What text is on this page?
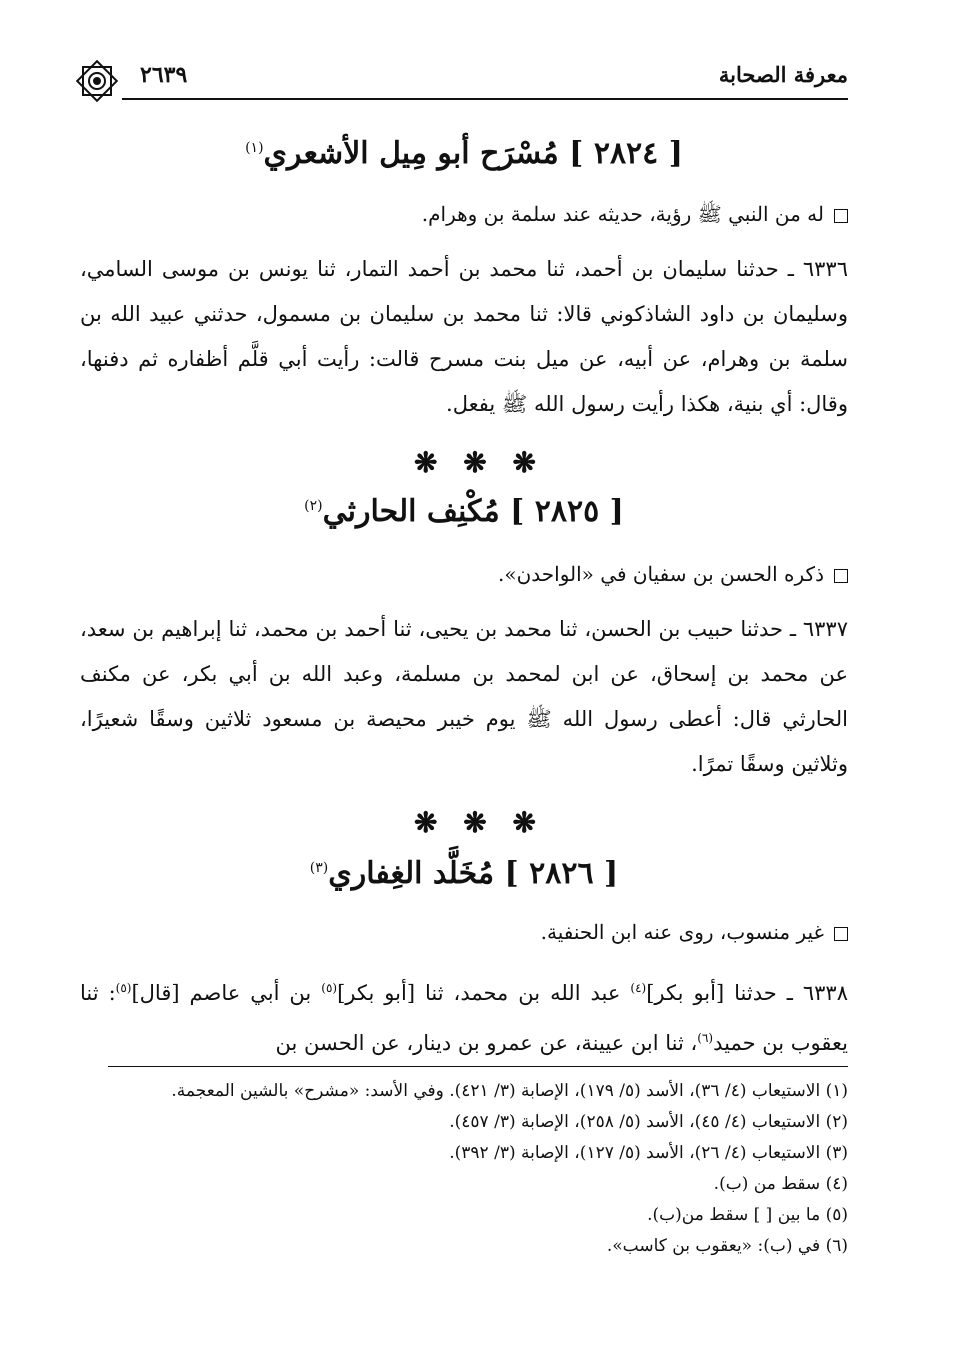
معرفة الصحابة
٢٦٣٩
[ ٢٨٢٤ ] مُسْرَح أبو مِيل الأشعري$^{(١)}$
له من النبي ﷺ رؤية، حديثه عند سلمة بن وهرام.
٦٣٣٦ ـ حدثنا سليمان بن أحمد، ثنا محمد بن أحمد التمار، ثنا يونس بن موسى السامي، وسليمان بن داود الشاذكوني قالا: ثنا محمد بن سليمان بن مسمول، حدثني عبيد الله بن سلمة بن وهرام، عن أبيه، عن ميل بنت مسرح قالت: رأيت أبي قلَّم أظفاره ثم دفنها، وقال: أي بنية، هكذا رأيت رسول الله ﷺ يفعل.
❋ ❋ ❋
[ ٢٨٢٥ ] مُكْنِف الحارثي$^{(٢)}$
ذكره الحسن بن سفيان في «الواحدن».
٦٣٣٧ ـ حدثنا حبيب بن الحسن، ثنا محمد بن يحيى، ثنا أحمد بن محمد، ثنا إبراهيم بن سعد، عن محمد بن إسحاق، عن ابن لمحمد بن مسلمة، وعبد الله بن أبي بكر، عن مكنف الحارثي قال: أعطى رسول الله ﷺ يوم خيبر محيصة بن مسعود ثلاثين وسقًا شعيرًا، وثلاثين وسقًا تمرًا.
❋ ❋ ❋
[ ٢٨٢٦ ] مُخَلَّد الغِفاري$^{(٣)}$
غير منسوب، روى عنه ابن الحنفية.
٦٣٣٨ ـ حدثنا [أبو بكر]$^{(٤)}$ عبد الله بن محمد، ثنا [أبو بكر]$^{(٥)}$ بن أبي عاصم [قال]$^{(٥)}$: ثنا يعقوب بن حميد$^{(٦)}$، ثنا ابن عيينة، عن عمرو بن دينار، عن الحسن بن

(١) الاستيعاب (٤/ ٣٦)، الأسد (٥/ ١٧٩)، الإصابة (٣/ ٤٢١). وفي الأسد: «مشرح» بالشين المعجمة.

(٢) الاستيعاب (٤/ ٤٥)، الأسد (٥/ ٢٥٨)، الإصابة (٣/ ٤٥٧).

(٣) الاستيعاب (٤/ ٢٦)، الأسد (٥/ ١٢٧)، الإصابة (٣/ ٣٩٢).

(٤) سقط من (ب).

(٥) ما بين [ ] سقط من(ب).

(٦) في (ب): «يعقوب بن كاسب».
